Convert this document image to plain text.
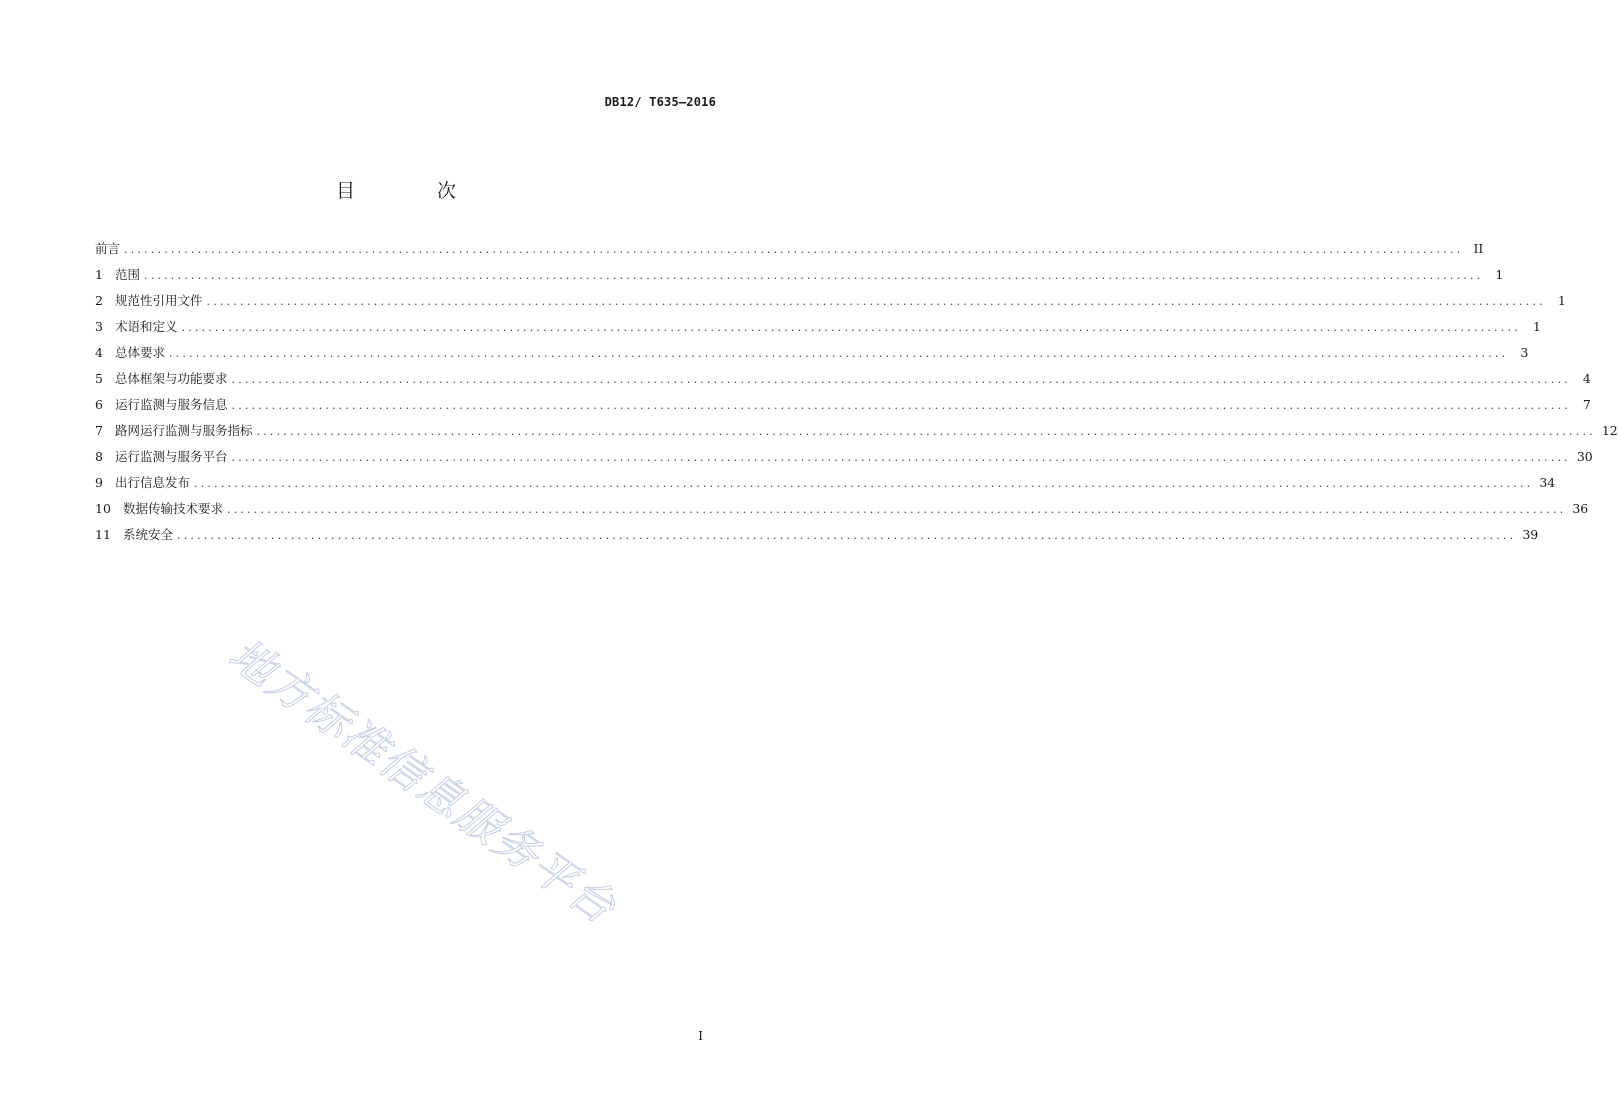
DB12/ T635—2016
目 次
前言 ........................................................................................................................................................................................................ II
1 范围 ........................................................................................................................................................................................................ 1
2 规范性引用文件 ........................................................................................................................................................................................................ 1
3 术语和定义 ........................................................................................................................................................................................................ 1
4 总体要求 ........................................................................................................................................................................................................ 3
5 总体框架与功能要求 ........................................................................................................................................................................................................ 4
6 运行监测与服务信息 ........................................................................................................................................................................................................ 7
7 路网运行监测与服务指标 ........................................................................................................................................................................................................ 12
8 运行监测与服务平台 ........................................................................................................................................................................................................ 30
9 出行信息发布 ........................................................................................................................................................................................................ 34
10 数据传输技术要求 ........................................................................................................................................................................................................ 36
11 系统安全 ........................................................................................................................................................................................................ 39
I
地方标准信息服务平台
